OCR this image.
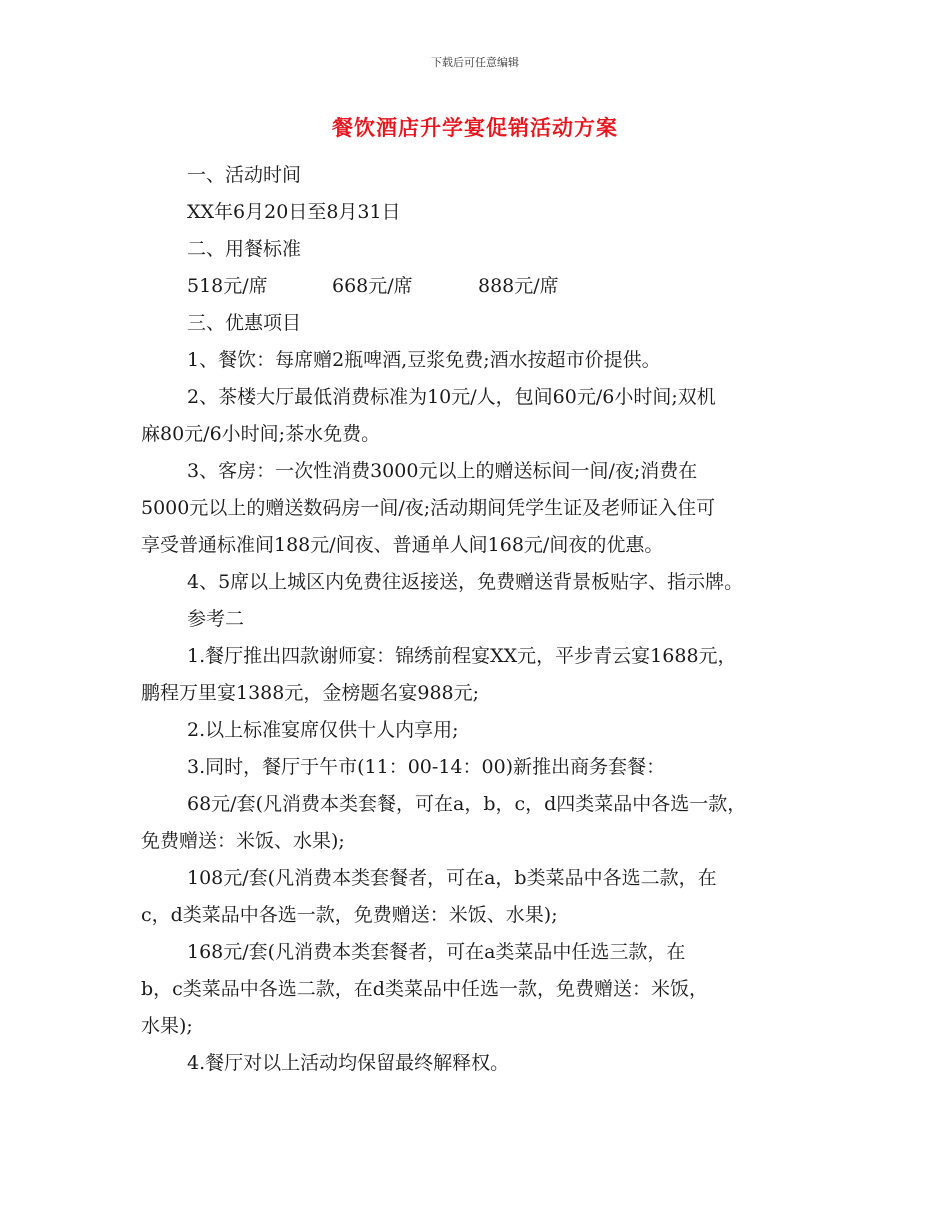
下载后可任意编辑
餐饮酒店升学宴促销活动方案

一、活动时间

XX年6月20日至8月31日

二、用餐标准

518元/席	668元/席	888元/席

三、优惠项目

1、餐饮：每席赠2瓶啤酒,豆浆免费;酒水按超市价提供。

2、茶楼大厅最低消费标准为10元/人，包间60元/6小时间;双机
麻80元/6小时间;茶水免费。

3、客房：一次性消费3000元以上的赠送标间一间/夜;消费在
5000元以上的赠送数码房一间/夜;活动期间凭学生证及老师证入住可
享受普通标准间188元/间夜、普通单人间168元/间夜的优惠。

4、5席以上城区内免费往返接送，免费赠送背景板贴字、指示牌。

参考二

1.餐厅推出四款谢师宴：锦绣前程宴XX元，平步青云宴1688元，
鹏程万里宴1388元，金榜题名宴988元;

2.以上标准宴席仅供十人内享用;

3.同时，餐厅于午市(11：00-14：00)新推出商务套餐：

68元/套(凡消费本类套餐，可在a，b，c，d四类菜品中各选一款，
免费赠送：米饭、水果);

108元/套(凡消费本类套餐者，可在a，b类菜品中各选二款，在
c，d类菜品中各选一款，免费赠送：米饭、水果);

168元/套(凡消费本类套餐者，可在a类菜品中任选三款，在
b，c类菜品中各选二款，在d类菜品中任选一款，免费赠送：米饭，
水果);

4.餐厅对以上活动均保留最终解释权。
